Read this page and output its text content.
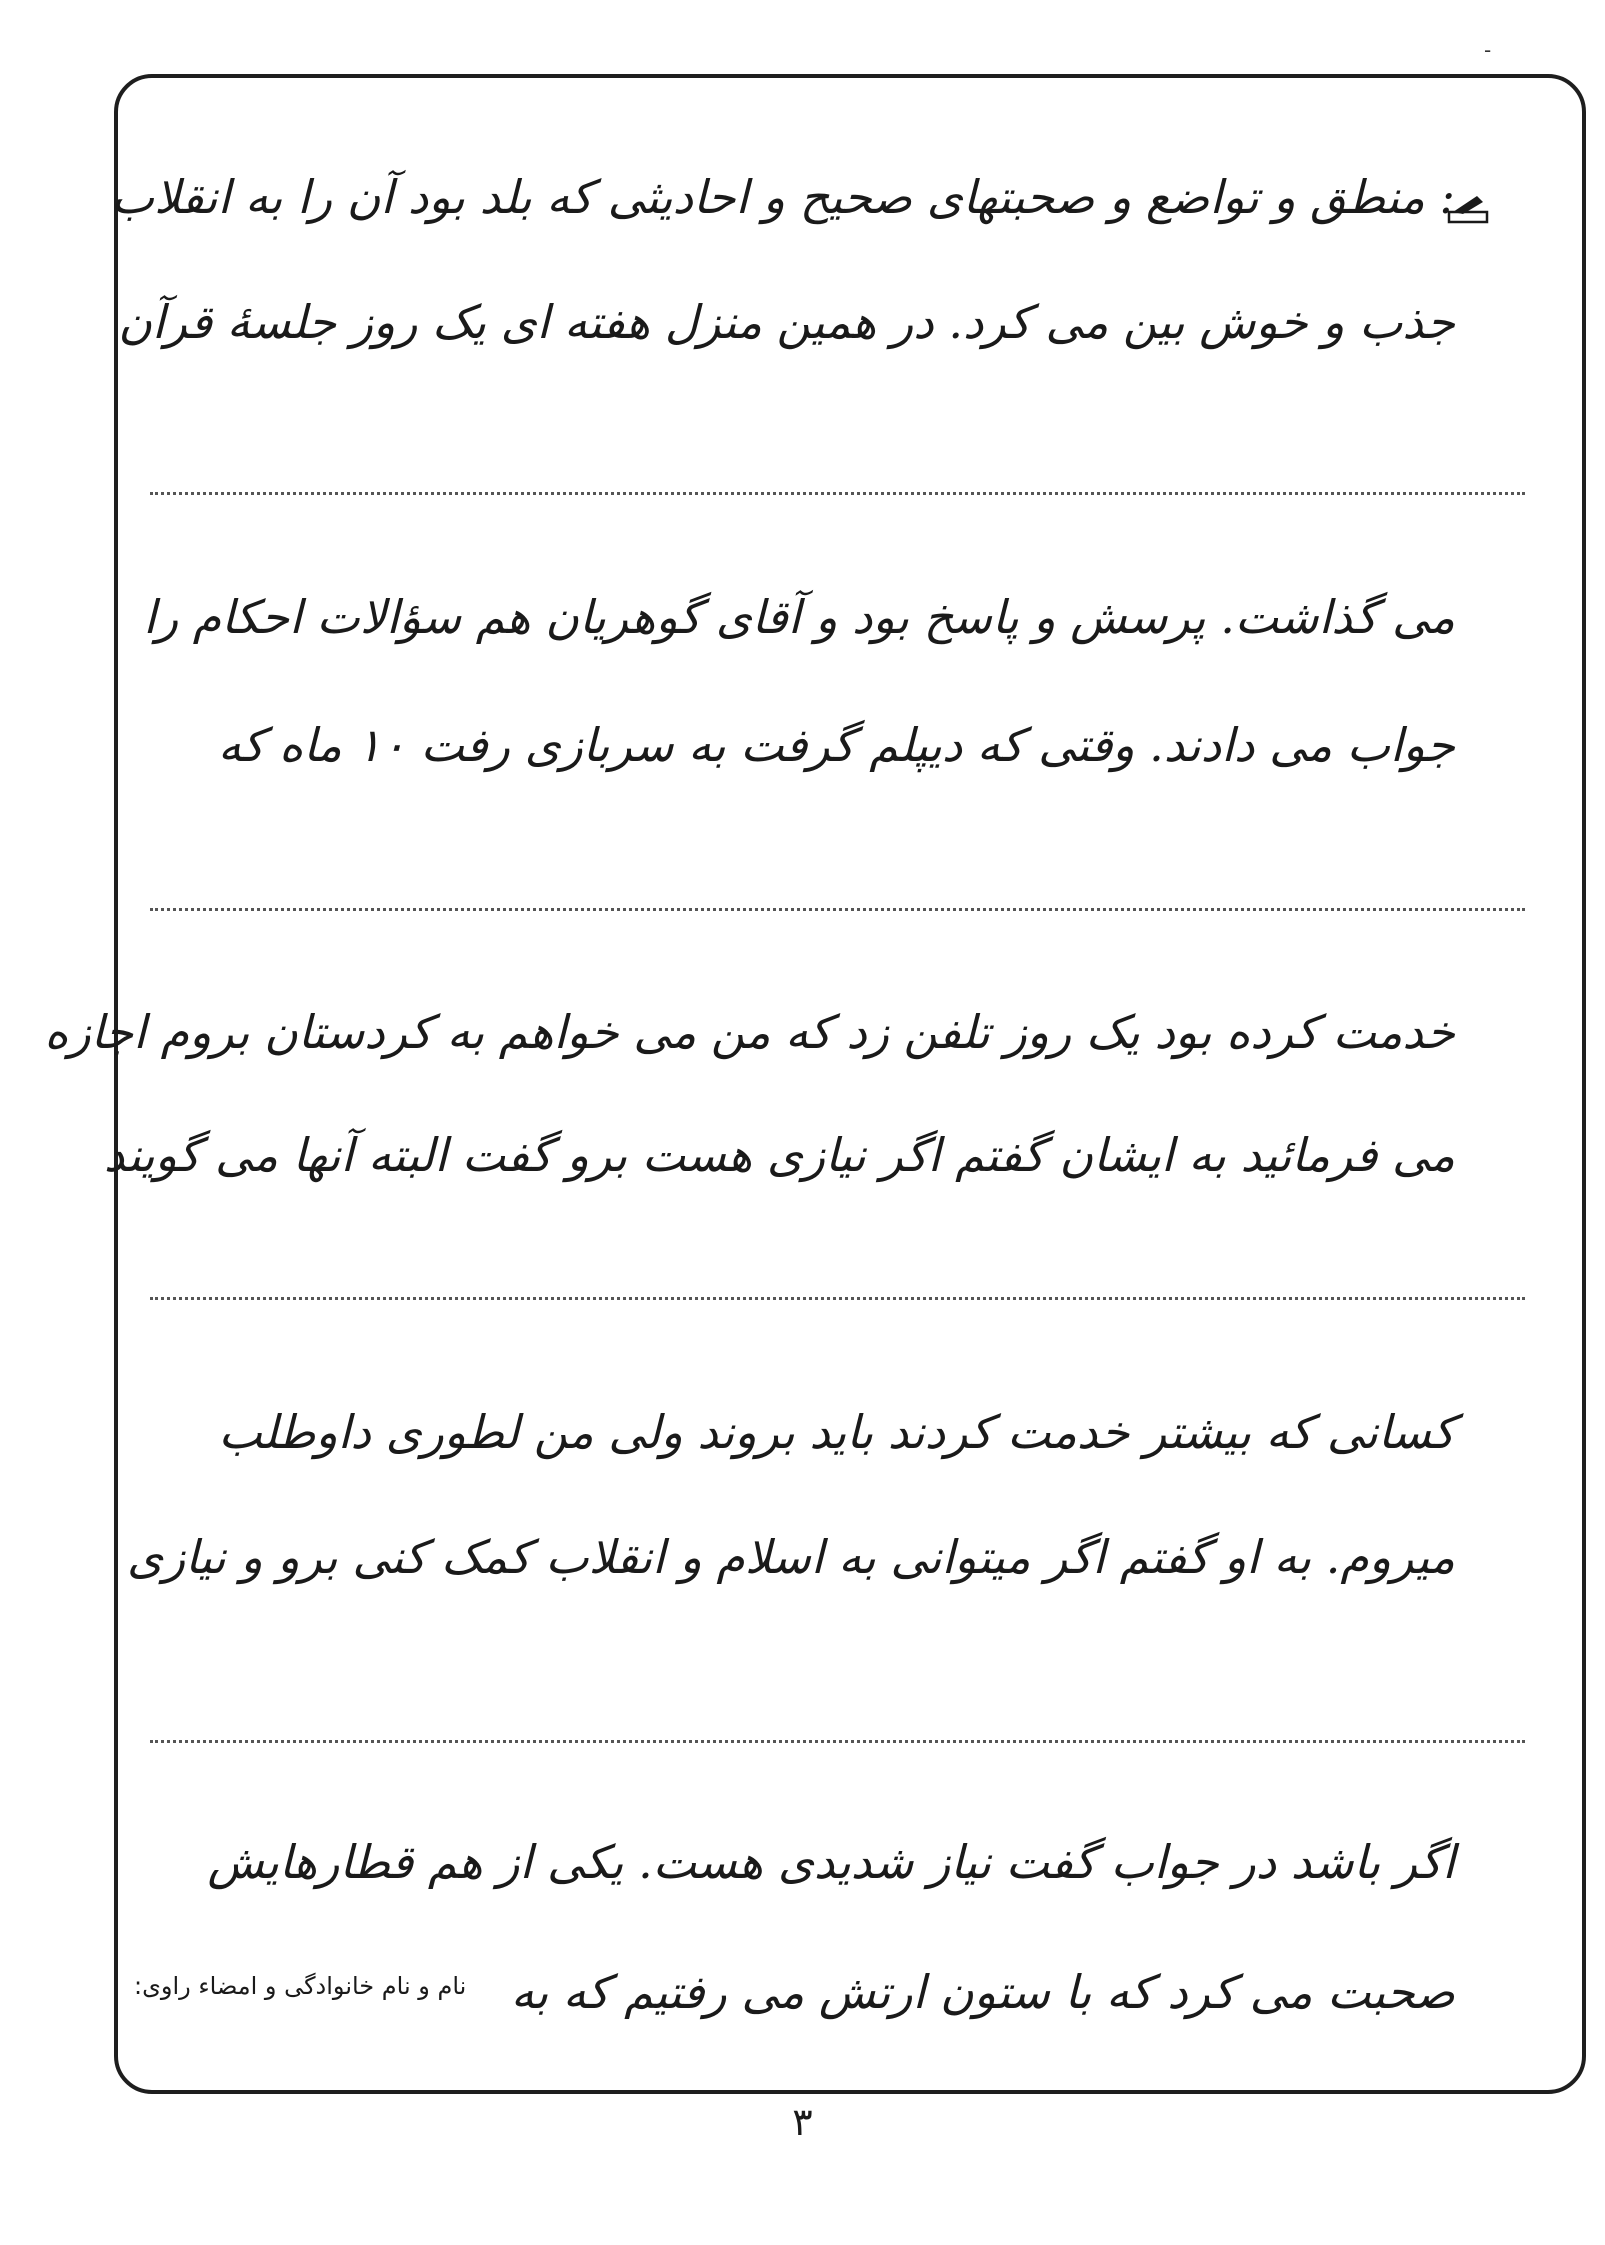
-
: منطق و تواضع و صحبتهای صحیح و احادیثی که بلد بود آن را به انقلاب
جذب و خوش بین می کرد. در همین منزل هفته ای یک روز جلسهٔ قرآن
می گذاشت. پرسش و پاسخ بود و آقای گوهریان هم سؤالات احکام را
جواب می دادند. وقتی که دیپلم گرفت به سربازی رفت ۱۰ ماه که
خدمت کرده بود یک روز تلفن زد که من می خواهم به کردستان بروم اجازه
می فرمائید به ایشان گفتم اگر نیازی هست برو گفت البته آنها می گویند
کسانی که بیشتر خدمت کردند باید بروند ولی من لطوری داوطلب
میروم. به او گفتم اگر میتوانی به اسلام و انقلاب کمک کنی برو و نیازی
اگر باشد در جواب گفت نیاز شدیدی هست. یکی از هم قطارهایش
صحبت می کرد که با ستون ارتش می رفتیم که به
نام و نام خانوادگی و امضاء راوی:
۳
